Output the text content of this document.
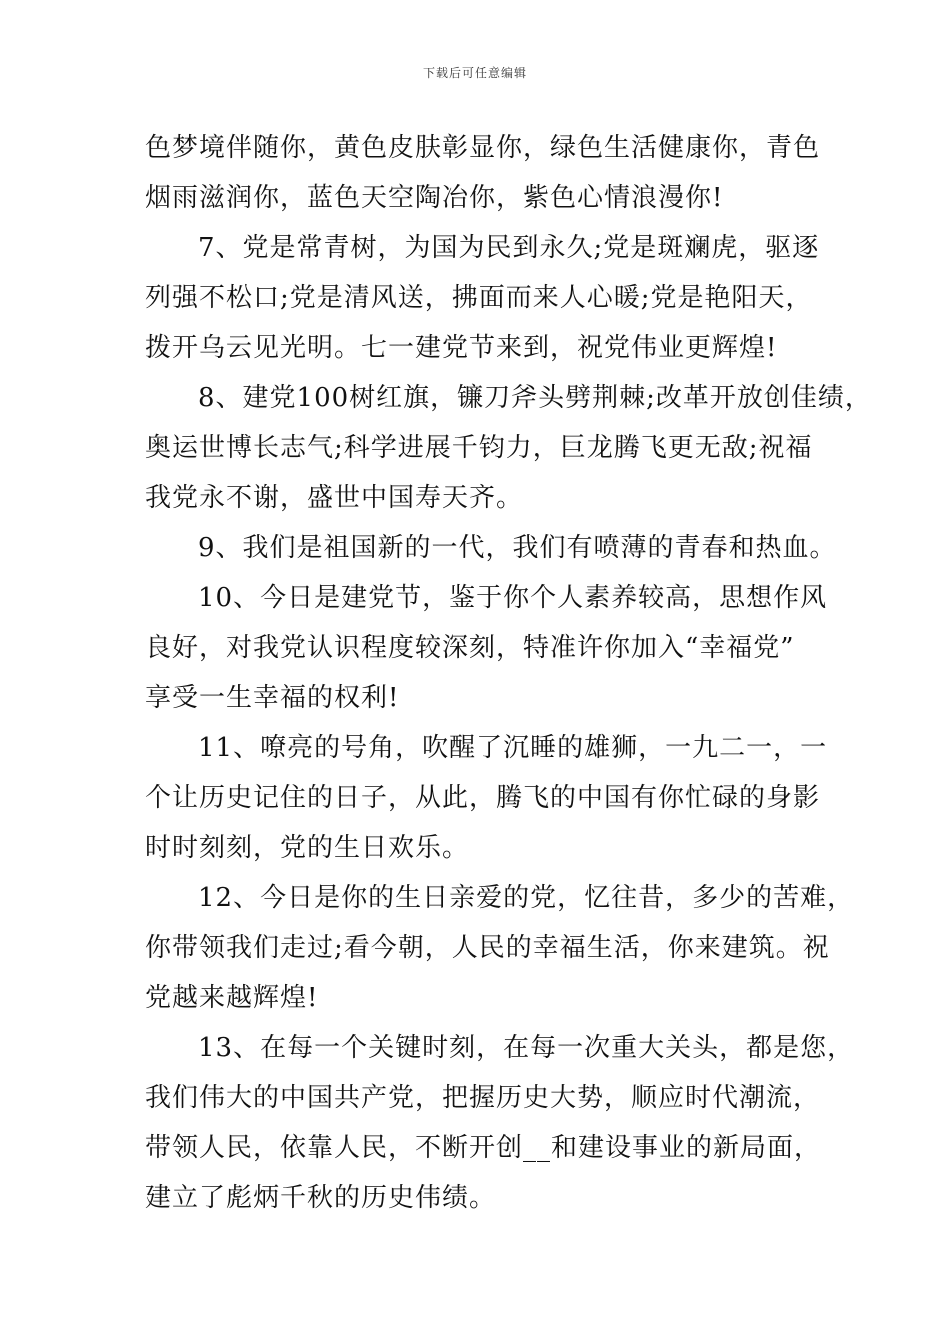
下载后可任意编辑
色梦境伴随你，黄色皮肤彰显你，绿色生活健康你，青色
烟雨滋润你，蓝色天空陶冶你，紫色心情浪漫你!
7、党是常青树，为国为民到永久;党是斑斓虎，驱逐
列强不松口;党是清风送，拂面而来人心暖;党是艳阳天，
拨开乌云见光明。七一建党节来到，祝党伟业更辉煌!
8、建党100树红旗，镰刀斧头劈荆棘;改革开放创佳绩，
奥运世博长志气;科学进展千钧力，巨龙腾飞更无敌;祝福
我党永不谢，盛世中国寿天齐。
9、我们是祖国新的一代，我们有喷薄的青春和热血。
10、今日是建党节，鉴于你个人素养较高，思想作风
良好，对我党认识程度较深刻，特准许你加入“幸福党”
享受一生幸福的权利!
11、嘹亮的号角，吹醒了沉睡的雄狮，一九二一，一
个让历史记住的日子，从此，腾飞的中国有你忙碌的身影
时时刻刻，党的生日欢乐。
12、今日是你的生日亲爱的党，忆往昔，多少的苦难，
你带领我们走过;看今朝，人民的幸福生活，你来建筑。祝
党越来越辉煌!
13、在每一个关键时刻，在每一次重大关头，都是您，
我们伟大的中国共产党，把握历史大势，顺应时代潮流，
带领人民，依靠人民，不断开创__和建设事业的新局面，
建立了彪炳千秋的历史伟绩。
